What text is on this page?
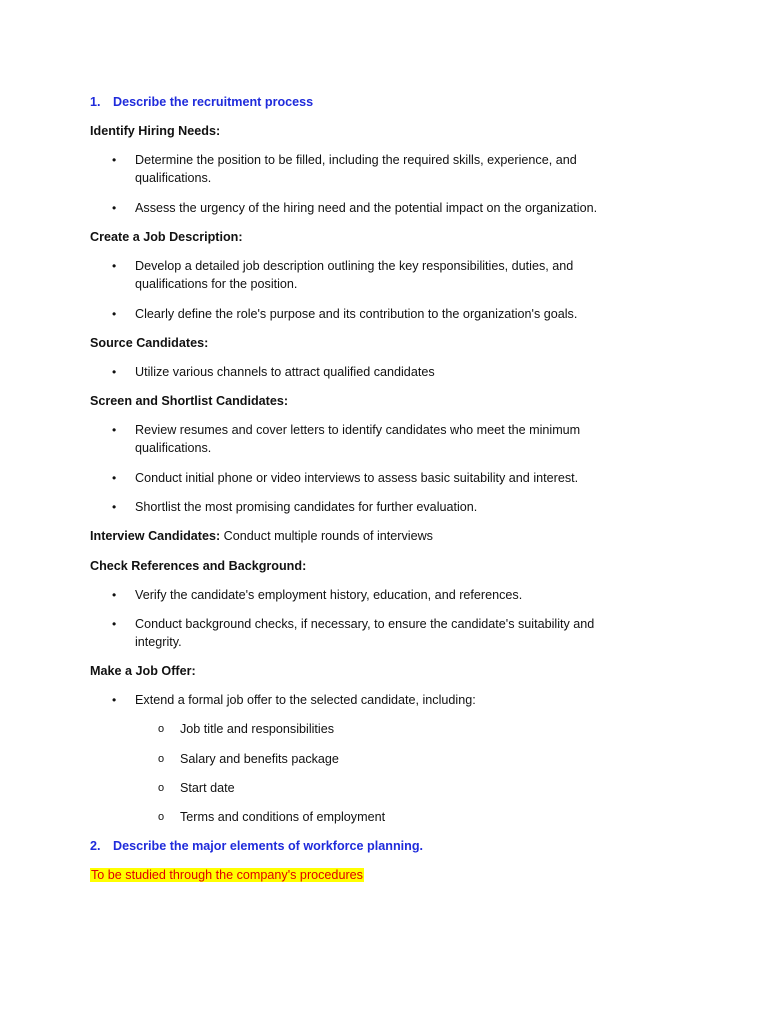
1. Describe the recruitment process
Identify Hiring Needs:
•	Determine the position to be filled, including the required skills, experience, and qualifications.
•	Assess the urgency of the hiring need and the potential impact on the organization.
Create a Job Description:
•	Develop a detailed job description outlining the key responsibilities, duties, and qualifications for the position.
•	Clearly define the role's purpose and its contribution to the organization's goals.
Source Candidates:
•	Utilize various channels to attract qualified candidates
Screen and Shortlist Candidates:
•	Review resumes and cover letters to identify candidates who meet the minimum qualifications.
•	Conduct initial phone or video interviews to assess basic suitability and interest.
•	Shortlist the most promising candidates for further evaluation.
Interview Candidates: Conduct multiple rounds of interviews
Check References and Background:
•	Verify the candidate's employment history, education, and references.
•	Conduct background checks, if necessary, to ensure the candidate's suitability and integrity.
Make a Job Offer:
•	Extend a formal job offer to the selected candidate, including:
o Job title and responsibilities
o Salary and benefits package
o Start date
o Terms and conditions of employment
2. Describe the major elements of workforce planning.
To be studied through the company's procedures
